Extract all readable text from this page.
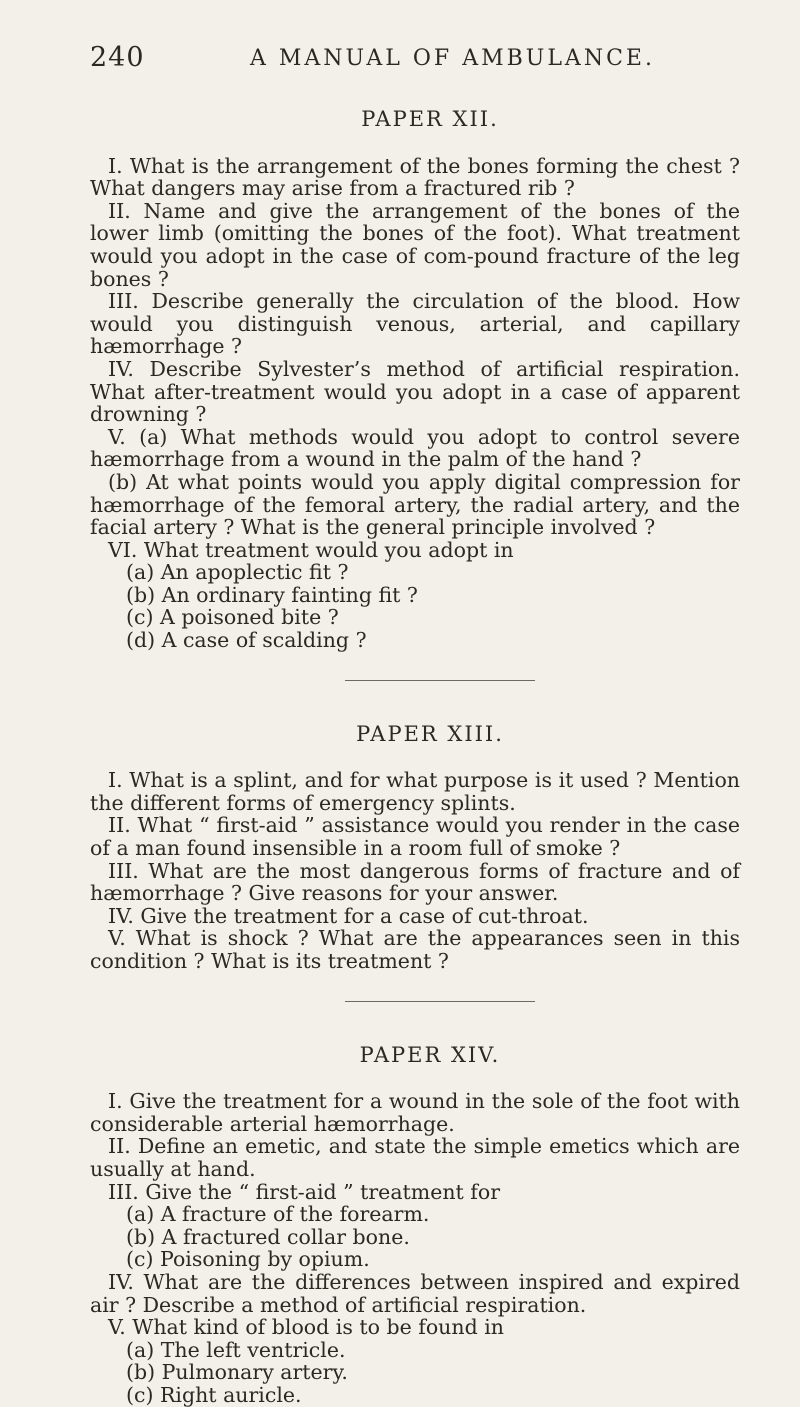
240	A MANUAL OF AMBULANCE.
PAPER XII.

I. What is the arrangement of the bones forming the chest ? What dangers may arise from a fractured rib ?

II. Name and give the arrangement of the bones of the lower limb (omitting the bones of the foot). What treatment would you adopt in the case of com-pound fracture of the leg bones ?

III. Describe generally the circulation of the blood. How would you distinguish venous, arterial, and capillary hæmorrhage ?

IV. Describe Sylvester’s method of artificial respiration. What after-treatment would you adopt in a case of apparent drowning ?

V. (a) What methods would you adopt to control severe hæmorrhage from a wound in the palm of the hand ?

(b) At what points would you apply digital compression for hæmorrhage of the femoral artery, the radial artery, and the facial artery ? What is the general principle involved ?

VI. What treatment would you adopt in

(a) An apoplectic fit ?

(b) An ordinary fainting fit ?

(c) A poisoned bite ?

(d) A case of scalding ?

PAPER XIII.

I. What is a splint, and for what purpose is it used ? Mention the different forms of emergency splints.

II. What “ first-aid ” assistance would you render in the case of a man found insensible in a room full of smoke ?

III. What are the most dangerous forms of fracture and of hæmorrhage ? Give reasons for your answer.

IV. Give the treatment for a case of cut-throat.

V. What is shock ? What are the appearances seen in this condition ? What is its treatment ?

PAPER XIV.

I. Give the treatment for a wound in the sole of the foot with considerable arterial hæmorrhage.

II. Define an emetic, and state the simple emetics which are usually at hand.

III. Give the “ first-aid ” treatment for

(a) A fracture of the forearm.

(b) A fractured collar bone.

(c) Poisoning by opium.

IV. What are the differences between inspired and expired air ? Describe a method of artificial respiration.

V. What kind of blood is to be found in

(a) The left ventricle.

(b) Pulmonary artery.

(c) Right auricle.
